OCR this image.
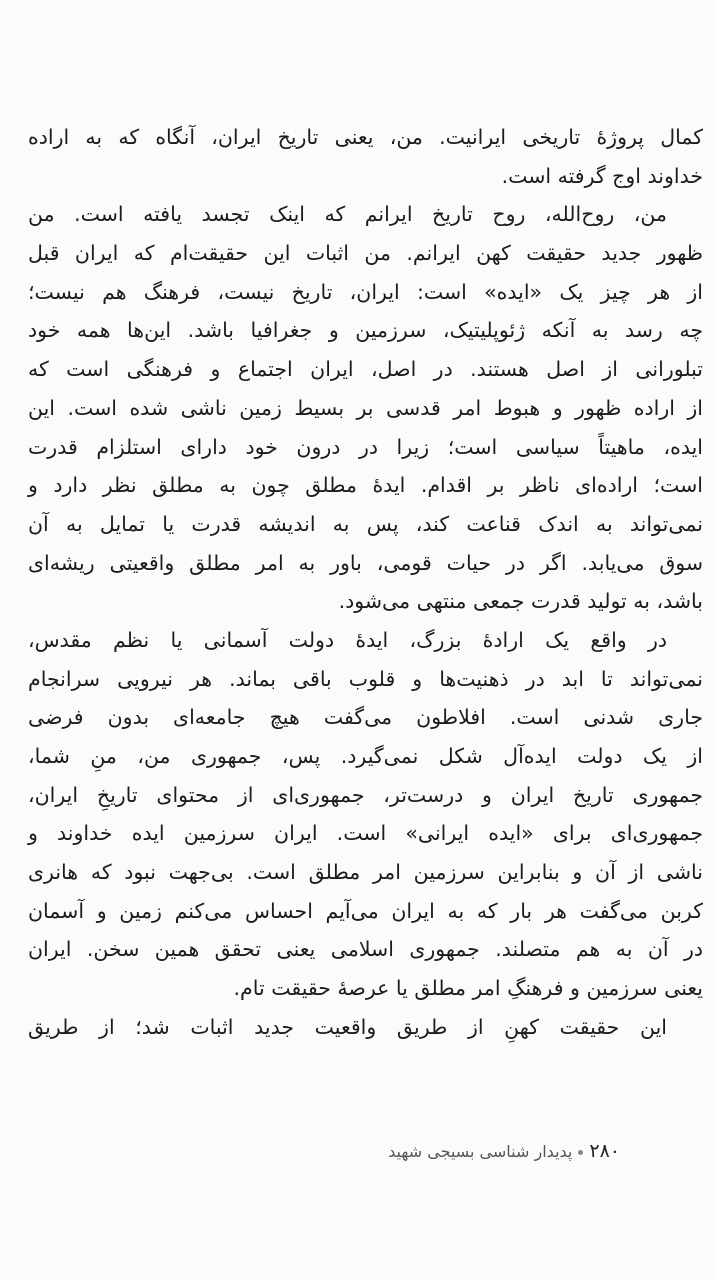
کمال پروژۀ تاریخی ایرانیت. من، یعنی تاریخ ایران، آنگاه که به اراده
خداوند اوج گرفته است.
من، روح‌الله، روح تاریخ ایرانم که اینک تجسد یافته است. من
ظهور جدید حقیقت کهن ایرانم. من اثبات این حقیقت‌ام که ایران قبل
از هر چیز یک «ایده» است: ایران، تاریخ نیست، فرهنگ هم نیست؛
چه رسد به آنکه ژئوپلیتیک، سرزمین و جغرافیا باشد. این‌ها همه خود
تبلورانی از اصل هستند. در اصل، ایران اجتماع و فرهنگی است که
از اراده ظهور و هبوط امر قدسی بر بسیط زمین ناشی شده است. این
ایده، ماهیتاً سیاسی است؛ زیرا در درون خود دارای استلزام قدرت
است؛ اراده‌ای ناظر بر اقدام. ایدۀ مطلق چون به مطلق نظر دارد و
نمی‌تواند به اندک قناعت کند، پس به اندیشه قدرت یا تمایل به آن
سوق می‌یابد. اگر در حیات قومی، باور به امر مطلق واقعیتی ریشه‌ای
باشد، به تولید قدرت جمعی منتهی می‌شود.
در واقع یک ارادۀ بزرگ، ایدۀ دولت آسمانی یا نظم مقدس،
نمی‌تواند تا ابد در ذهنیت‌ها و قلوب باقی بماند. هر نیرویی سرانجام
جاری شدنی است. افلاطون می‌گفت هیچ جامعه‌ای بدون فرضی
از یک دولت ایده‌آل شکل نمی‌گیرد. پس، جمهوری من، منِ شما،
جمهوری تاریخ ایران و درست‌تر، جمهوری‌ای از محتوای تاریخِ ایران،
جمهوری‌ای برای «ایده ایرانی» است. ایران سرزمین ایده خداوند و
ناشی از آن و بنابراین سرزمین امر مطلق است. بی‌جهت نبود که هانری
کربن می‌گفت هر بار که به ایران می‌آیم احساس می‌کنم زمین و آسمان
در آن به هم متصلند. جمهوری اسلامی یعنی تحقق همین سخن. ایران
یعنی سرزمین و فرهنگِ امر مطلق یا عرصۀ حقیقت تام.
این حقیقت کهنِ از طریق واقعیت جدید اثبات شد؛ از طریق
۲۸۰پدیدار شناسی بسیجی شهید
